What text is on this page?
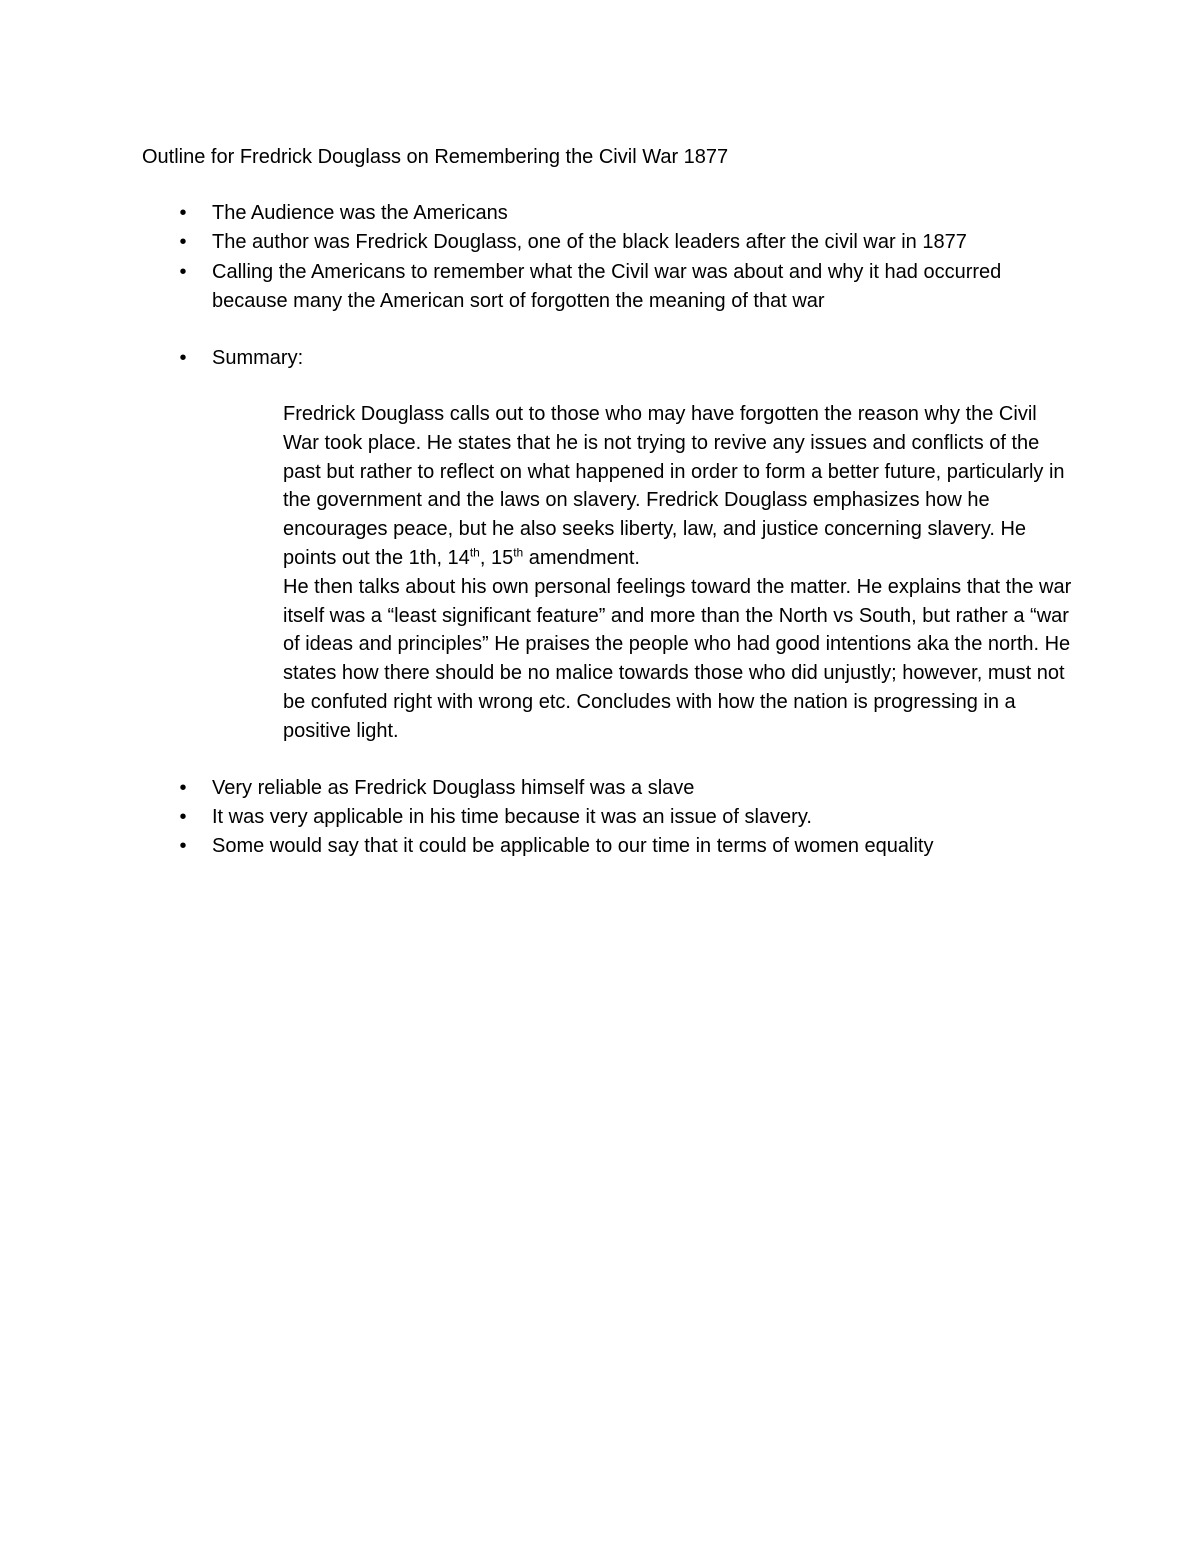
Outline for Fredrick Douglass on Remembering the Civil War 1877
• The Audience was the Americans
• The author was Fredrick Douglass, one of the black leaders after the civil war in 1877
• Calling the Americans to remember what the Civil war was about and why it had occurred because many the American sort of forgotten the meaning of that war
• Summary:

Fredrick Douglass calls out to those who may have forgotten the reason why the Civil War took place. He states that he is not trying to revive any issues and conflicts of the past but rather to reflect on what happened in order to form a better future, particularly in the government and the laws on slavery. Fredrick Douglass emphasizes how he encourages peace, but he also seeks liberty, law, and justice concerning slavery. He points out the 1th, 14th, 15th amendment.

He then talks about his own personal feelings toward the matter. He explains that the war itself was a “least significant feature” and more than the North vs South, but rather a “war of ideas and principles” He praises the people who had good intentions aka the north. He states how there should be no malice towards those who did unjustly; however, must not be confuted right with wrong etc. Concludes with how the nation is progressing in a positive light.

• Very reliable as Fredrick Douglass himself was a slave
• It was very applicable in his time because it was an issue of slavery.
• Some would say that it could be applicable to our time in terms of women equality
